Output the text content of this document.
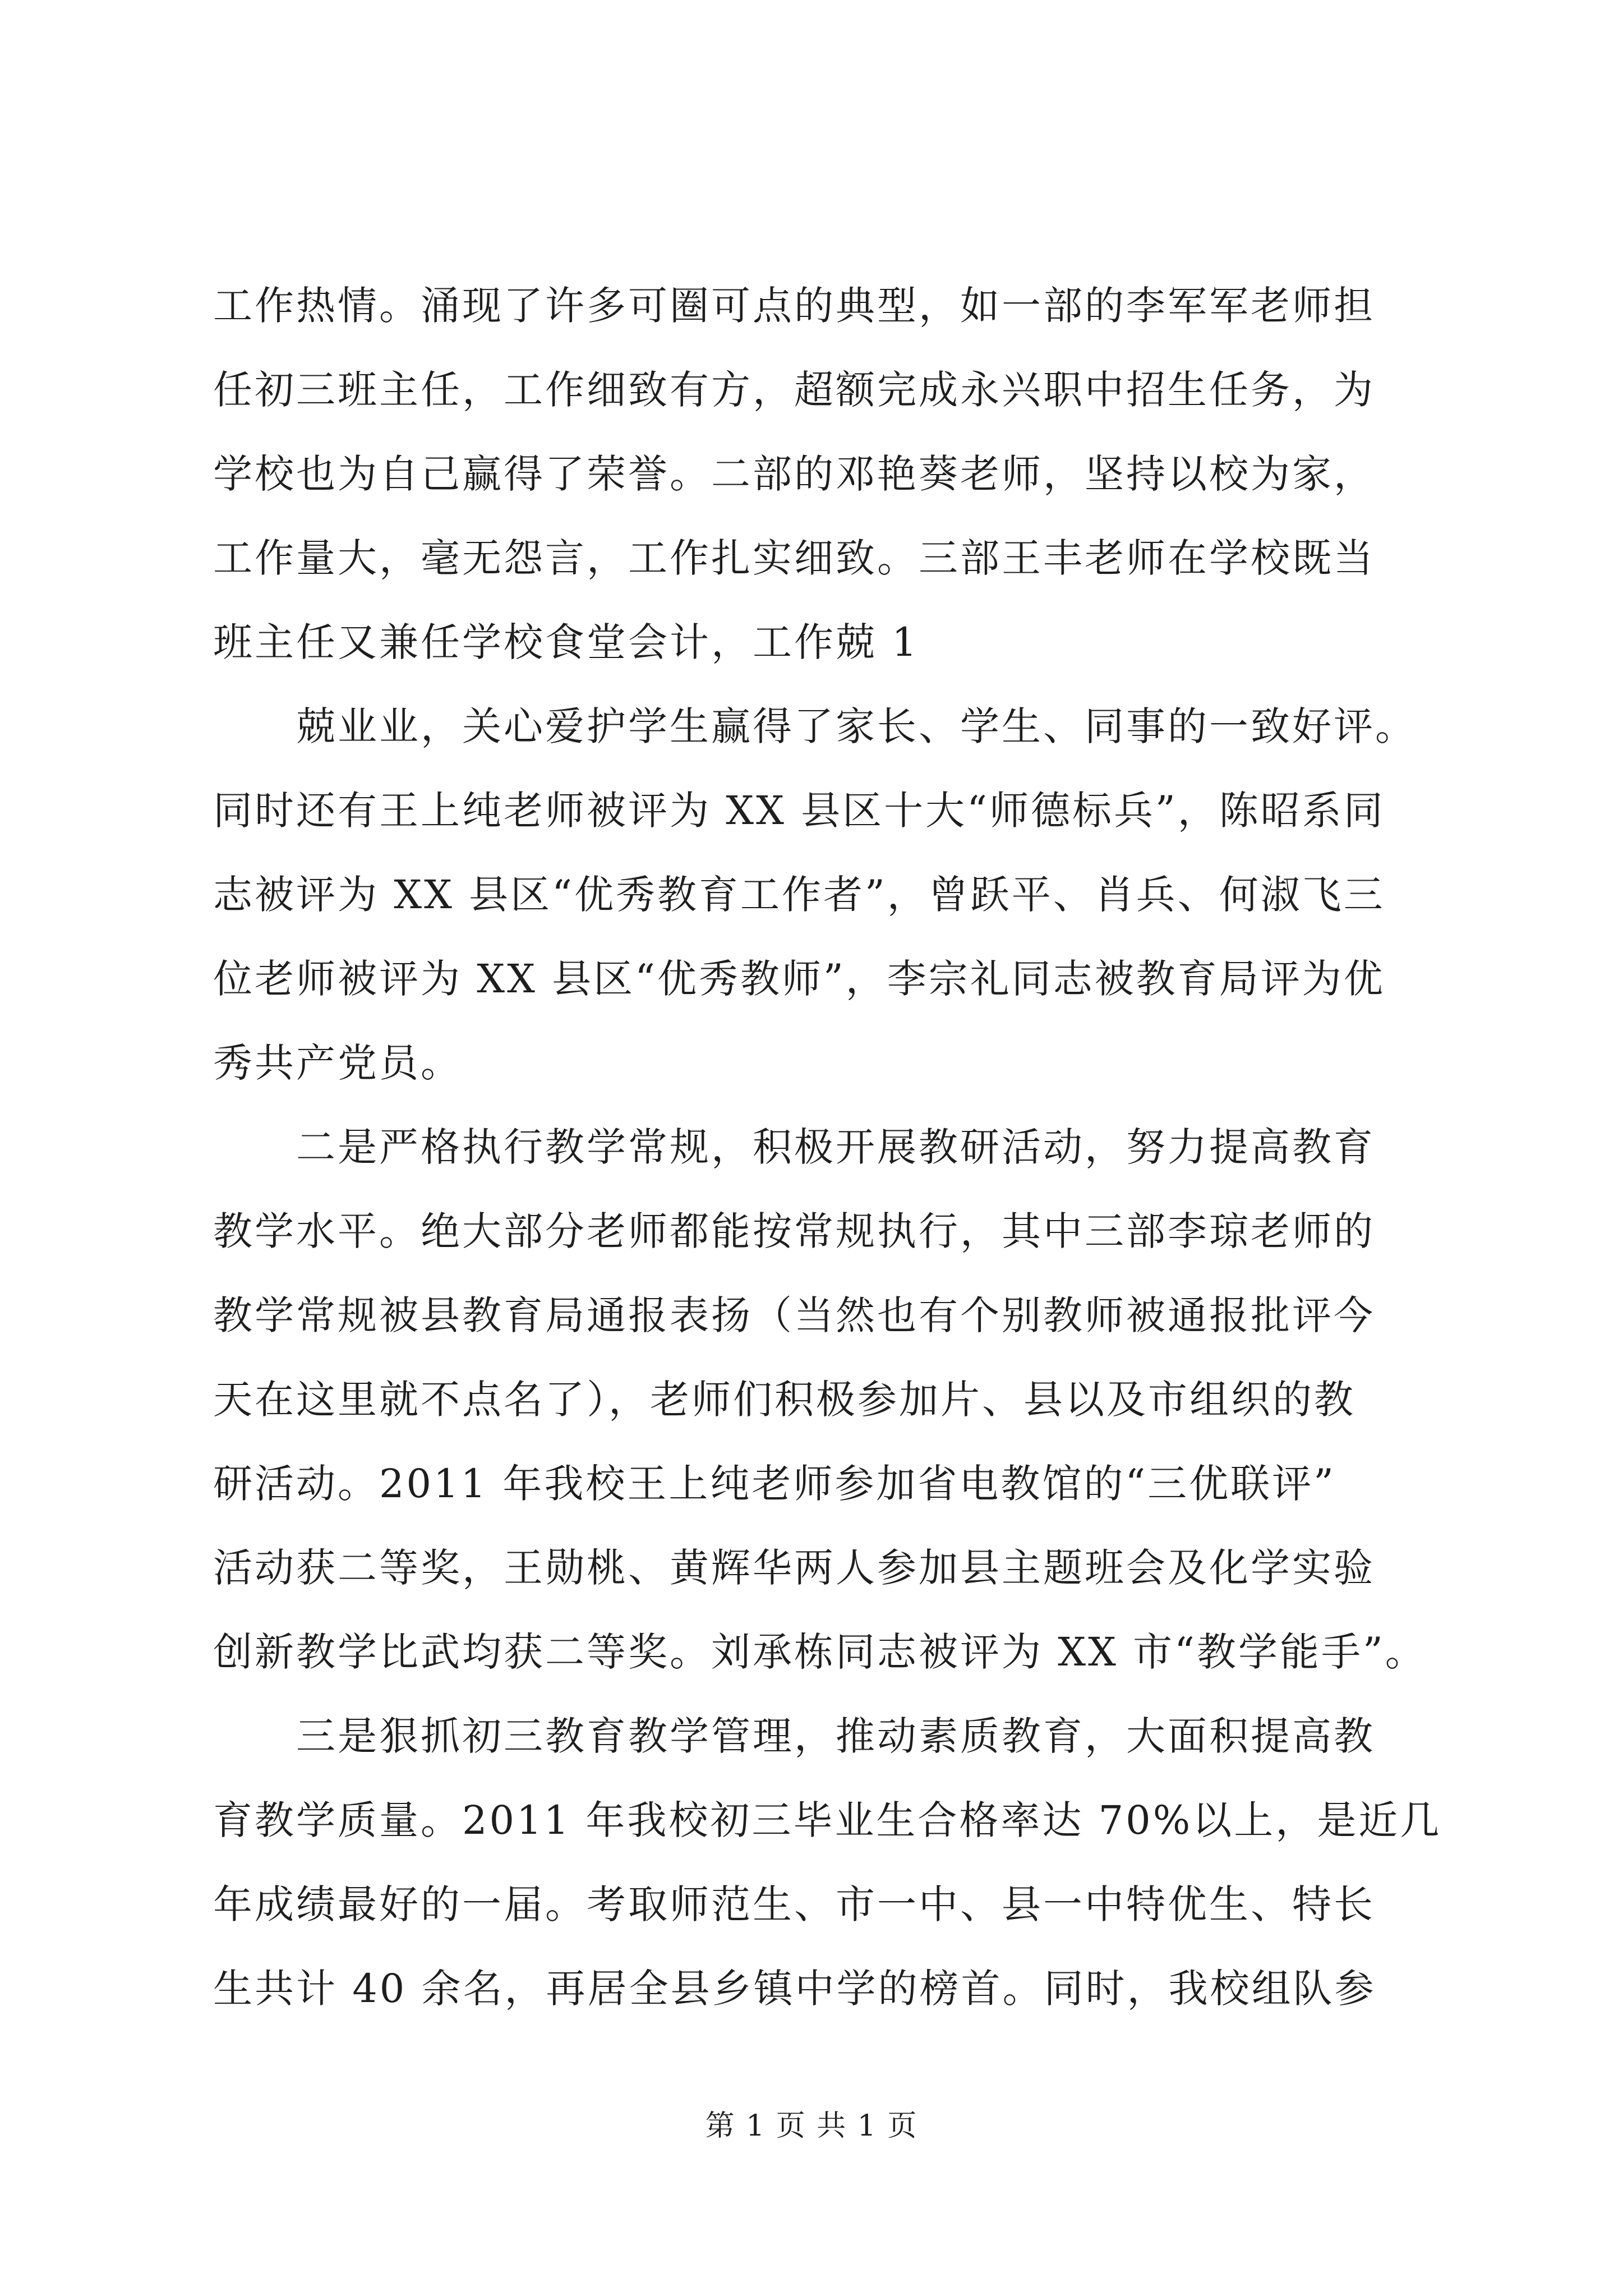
工作热情。涌现了许多可圈可点的典型，如一部的李军军老师担
任初三班主任，工作细致有方，超额完成永兴职中招生任务，为
学校也为自己赢得了荣誉。二部的邓艳葵老师，坚持以校为家，
工作量大，毫无怨言，工作扎实细致。三部王丰老师在学校既当
班主任又兼任学校食堂会计，工作兢 1
兢业业，关心爱护学生赢得了家长、学生、同事的一致好评。
同时还有王上纯老师被评为 XX 县区十大“师德标兵”，陈昭系同
志被评为 XX 县区“优秀教育工作者”，曾跃平、肖兵、何淑飞三
位老师被评为 XX 县区“优秀教师”，李宗礼同志被教育局评为优
秀共产党员。
二是严格执行教学常规，积极开展教研活动，努力提高教育
教学水平。绝大部分老师都能按常规执行，其中三部李琼老师的
教学常规被县教育局通报表扬（当然也有个别教师被通报批评今
天在这里就不点名了），老师们积极参加片、县以及市组织的教
研活动。2011 年我校王上纯老师参加省电教馆的“三优联评”
活动获二等奖，王勋桃、黄辉华两人参加县主题班会及化学实验
创新教学比武均获二等奖。刘承栋同志被评为 XX 市“教学能手”。
三是狠抓初三教育教学管理，推动素质教育，大面积提高教
育教学质量。2011 年我校初三毕业生合格率达 70%以上，是近几
年成绩最好的一届。考取师范生、市一中、县一中特优生、特长
生共计 40 余名，再居全县乡镇中学的榜首。同时，我校组队参
第 1 页 共 1 页
